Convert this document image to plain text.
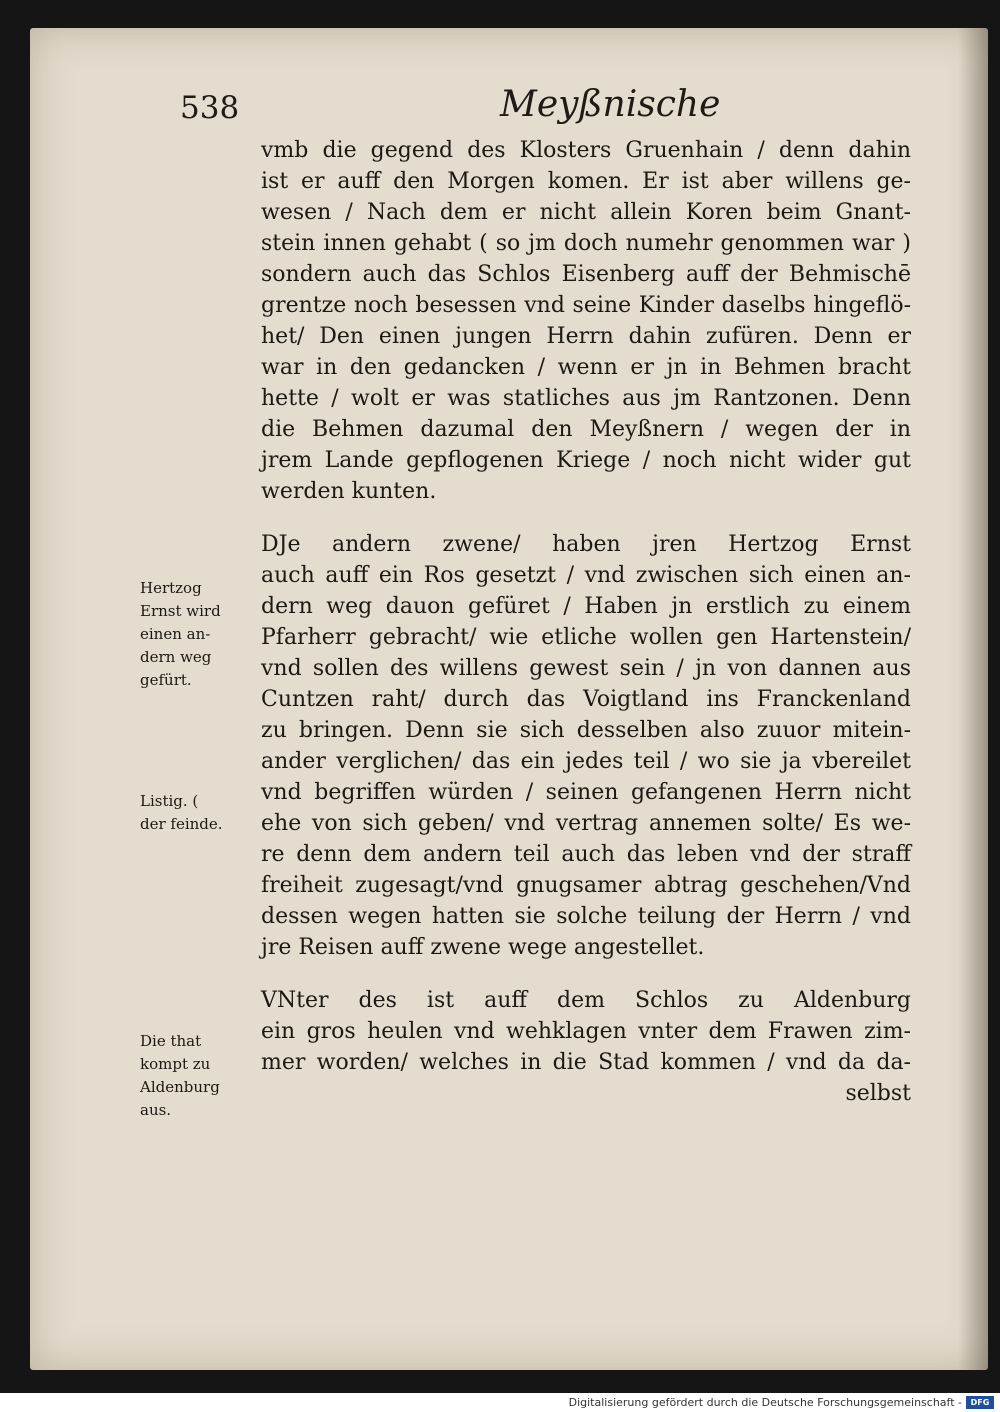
538	Meyßnische
vmb die gegend des Klosters Gruenhain / denn dahin
ist er auff den Morgen komen. Er ist aber willens ge-
wesen / Nach dem er nicht allein Koren beim Gnant-
stein innen gehabt ( so jm doch numehr genommen war )
sondern auch das Schlos Eisenberg auff der Behmischē
grentze noch besessen vnd seine Kinder daselbs hingeflö-
het/ Den einen jungen Herrn dahin zufüren. Denn er
war in den gedancken / wenn er jn in Behmen bracht
hette / wolt er was statliches aus jm Rantzonen. Denn
die Behmen dazumal den Meyßnern / wegen der in
jrem Lande gepflogenen Kriege / noch nicht wider gut
werden kunten.
DJe andern zwene/ haben jren Hertzog Ernst
auch auff ein Ros gesetzt / vnd zwischen sich einen an-
dern weg dauon gefüret / Haben jn erstlich zu einem
Pfarherr gebracht/ wie etliche wollen gen Hartenstein/
vnd sollen des willens gewest sein / jn von dannen aus
Cuntzen raht/ durch das Voigtland ins Franckenland
zu bringen. Denn sie sich desselben also zuuor mitein-
ander verglichen/ das ein jedes teil / wo sie ja vbereilet
vnd begriffen würden / seinen gefangenen Herrn nicht
ehe von sich geben/ vnd vertrag annemen solte/ Es we-
re denn dem andern teil auch das leben vnd der straff
freiheit zugesagt/vnd gnugsamer abtrag geschehen/Vnd
dessen wegen hatten sie solche teilung der Herrn / vnd
jre Reisen auff zwene wege angestellet.
VNter des ist auff dem Schlos zu Aldenburg
ein gros heulen vnd wehklagen vnter dem Frawen zim-
mer worden/ welches in die Stad kommen / vnd da da-
selbst
Hertzog
Ernst wird
einen an-
dern weg
gefürt.
Listig. (
der feinde.
Die that
kompt zu
Aldenburg
aus.
Digitalisierung gefördert durch die Deutsche Forschungsgemeinschaft -	DFG
